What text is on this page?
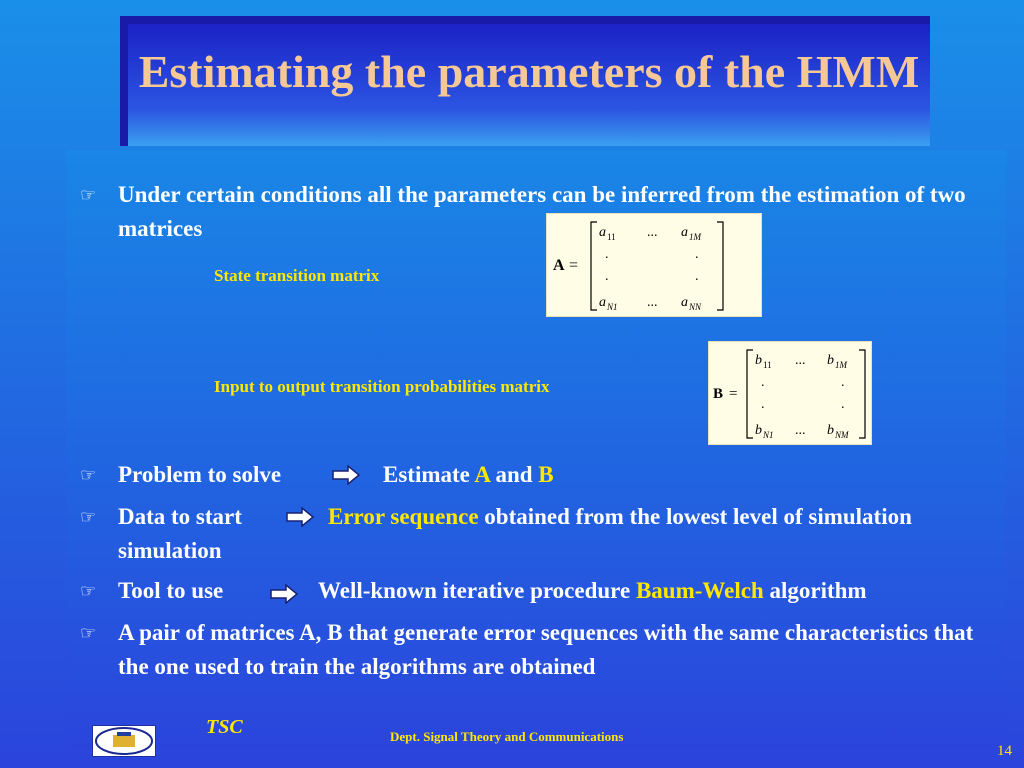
Estimating the parameters of the HMM
☞ Under certain conditions all the parameters can be inferred from the estimation of two matrices
State transition matrix
A =
a 11 ... a 1M
.	.
.	.
a N1 ... a NN
Input to output transition probabilities matrix	B =
b 11 ... b 1M
.	.
.	.
b N1 ... b NM
☞ Problem to solve	Estimate A and B
☞ Data to start	Error sequence obtained from the lowest level of simulation
simulation
☞ Tool to use	Well-known iterative procedure Baum-Welch algorithm
☞ A pair of matrices A, B that generate error sequences with the same characteristics that the one used to train the algorithms are obtained
TSC	Dept. Signal Theory and Communications
14
